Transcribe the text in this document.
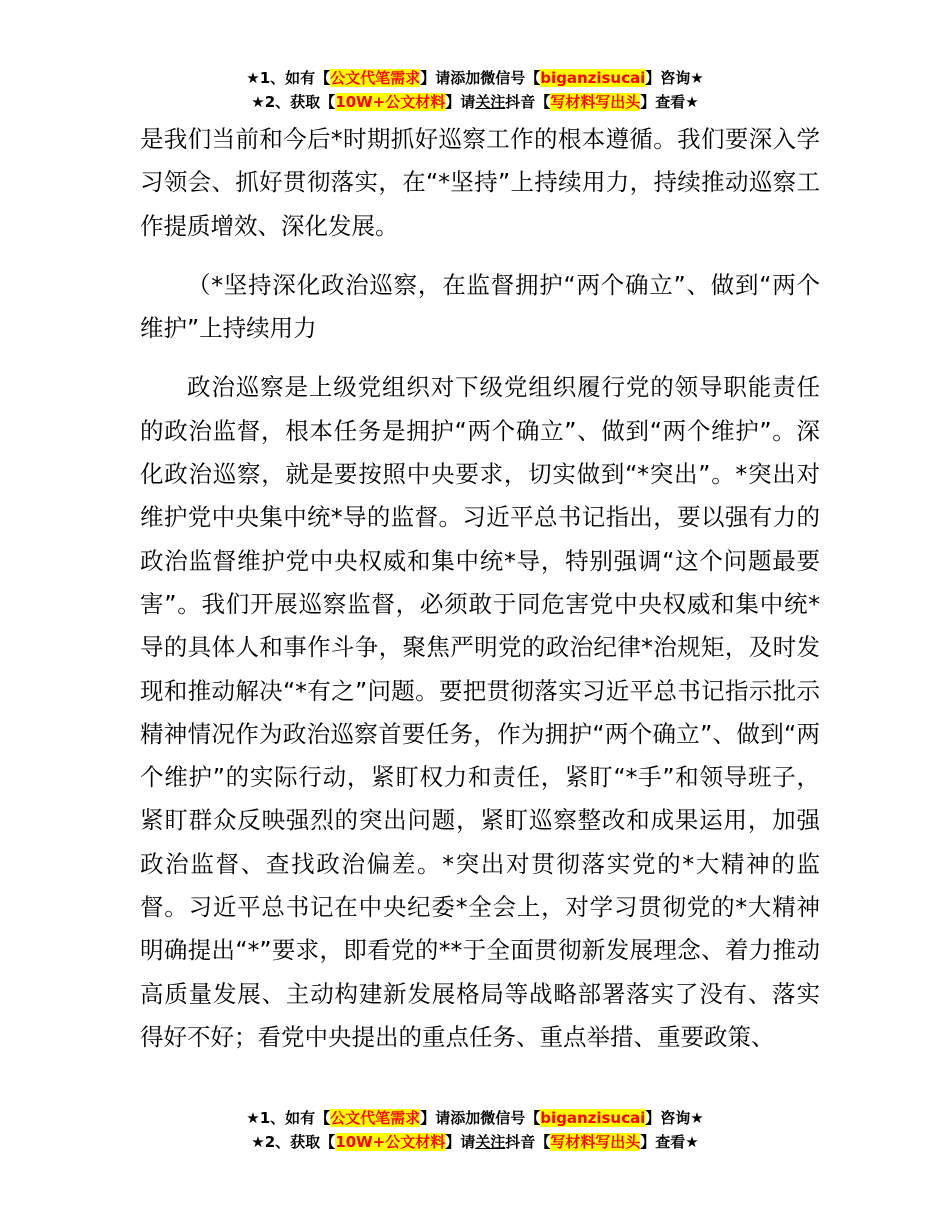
★1、如有【公文代笔需求】请添加微信号【biganzisucai】咨询★
★2、获取【10W+公文材料】请关注抖音【写材料写出头】查看★

是我们当前和今后*时期抓好巡察工作的根本遵循。我们要深入学习领会、抓好贯彻落实，在“*坚持”上持续用力，持续推动巡察工作提质增效、深化发展。

（*坚持深化政治巡察，在监督拥护“两个确立”、做到“两个维护”上持续用力

政治巡察是上级党组织对下级党组织履行党的领导职能责任的政治监督，根本任务是拥护“两个确立”、做到“两个维护”。深化政治巡察，就是要按照中央要求，切实做到“*突出”。*突出对维护党中央集中统*导的监督。习近平总书记指出，要以强有力的政治监督维护党中央权威和集中统*导，特别强调“这个问题最要害”。我们开展巡察监督，必须敢于同危害党中央权威和集中统*导的具体人和事作斗争，聚焦严明党的政治纪律*治规矩，及时发现和推动解决“*有之”问题。要把贯彻落实习近平总书记指示批示精神情况作为政治巡察首要任务，作为拥护“两个确立”、做到“两个维护”的实际行动，紧盯权力和责任，紧盯“*手”和领导班子，紧盯群众反映强烈的突出问题，紧盯巡察整改和成果运用，加强政治监督、查找政治偏差。*突出对贯彻落实党的*大精神的监督。习近平总书记在中央纪委*全会上，对学习贯彻党的*大精神明确提出“*”要求，即看党的**于全面贯彻新发展理念、着力推动高质量发展、主动构建新发展格局等战略部署落实了没有、落实得好不好；看党中央提出的重点任务、重点举措、重要政策、

★1、如有【公文代笔需求】请添加微信号【biganzisucai】咨询★
★2、获取【10W+公文材料】请关注抖音【写材料写出头】查看★
